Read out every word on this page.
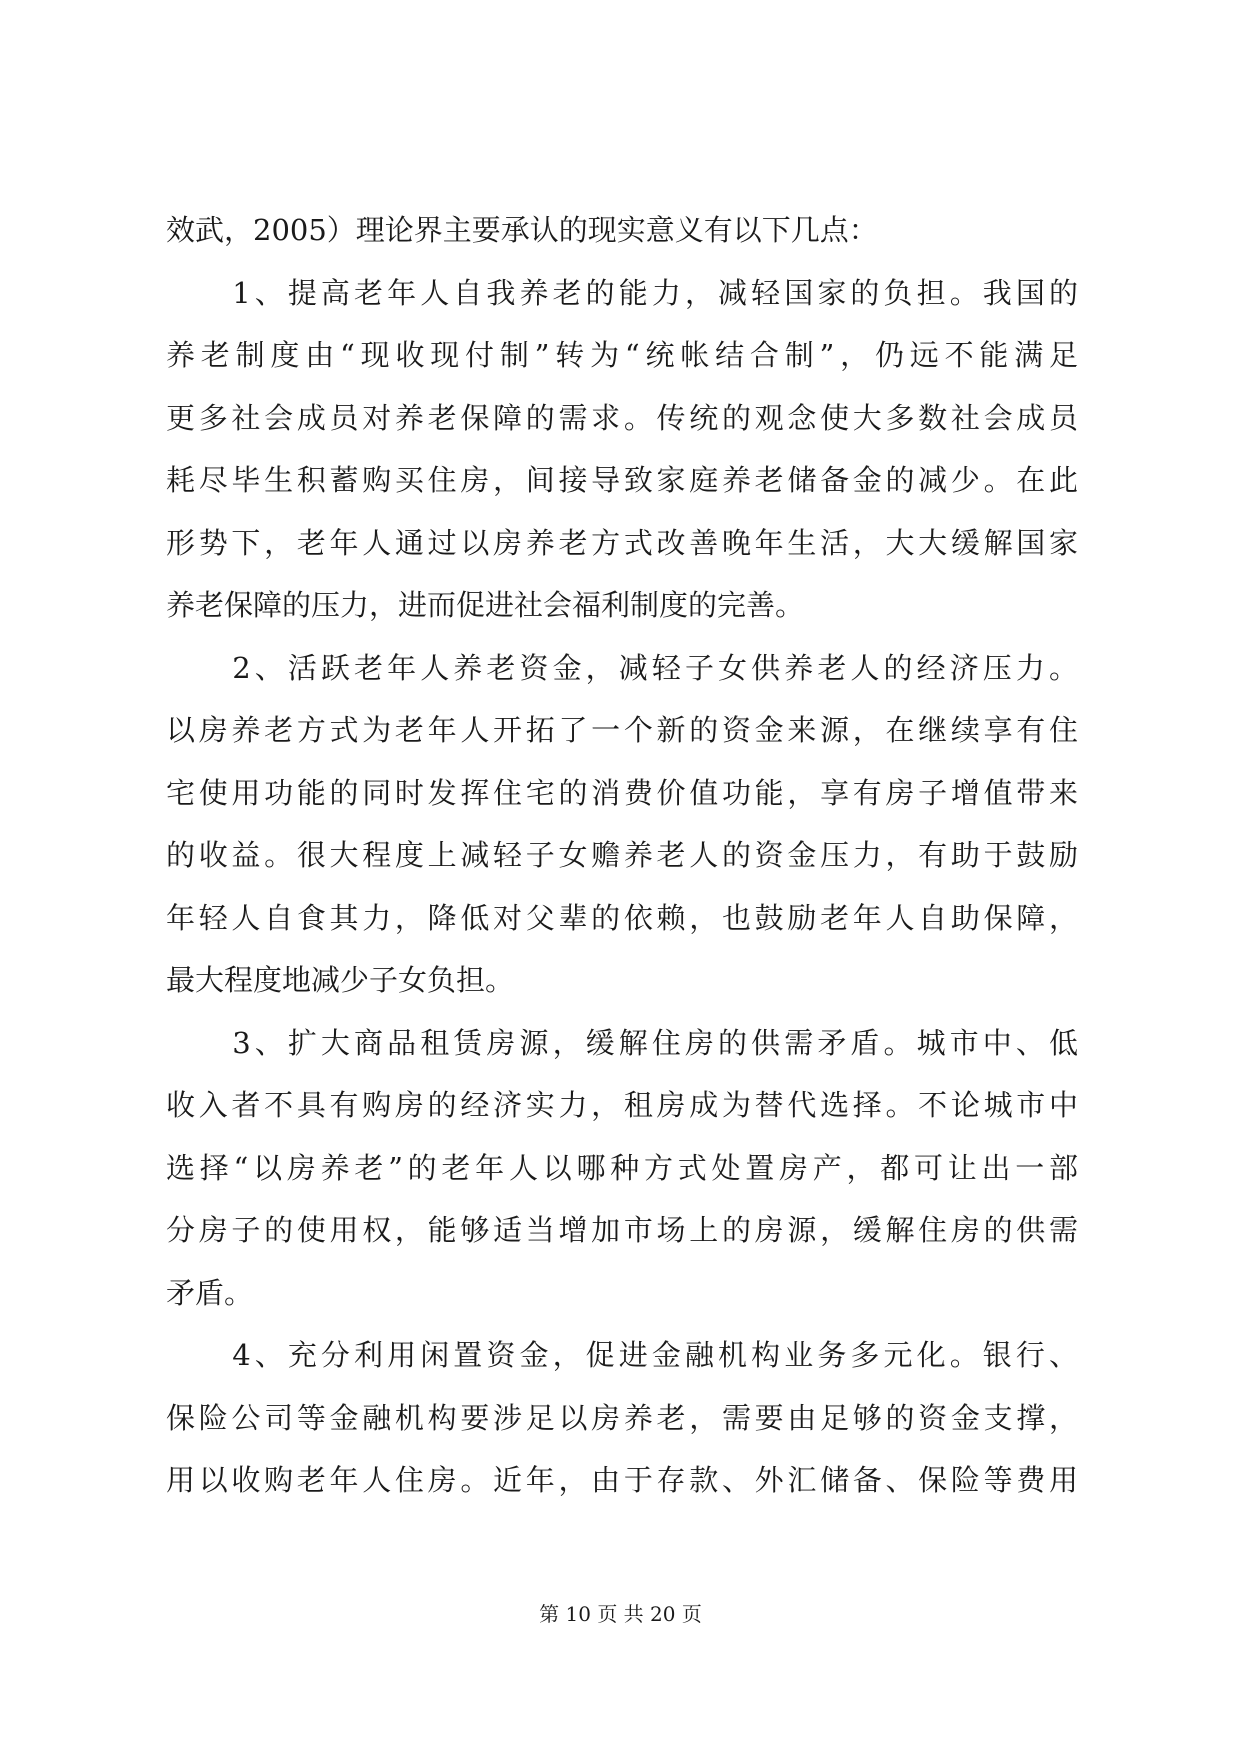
效武，2005）理论界主要承认的现实意义有以下几点：
　　1、提高老年人自我养老的能力，减轻国家的负担。我国的
养老制度由“现收现付制”转为“统帐结合制”，仍远不能满足
更多社会成员对养老保障的需求。传统的观念使大多数社会成员
耗尽毕生积蓄购买住房，间接导致家庭养老储备金的减少。在此
形势下，老年人通过以房养老方式改善晚年生活，大大缓解国家
养老保障的压力，进而促进社会福利制度的完善。
　　2、活跃老年人养老资金，减轻子女供养老人的经济压力。
以房养老方式为老年人开拓了一个新的资金来源，在继续享有住
宅使用功能的同时发挥住宅的消费价值功能，享有房子增值带来
的收益。很大程度上减轻子女赡养老人的资金压力，有助于鼓励
年轻人自食其力，降低对父辈的依赖，也鼓励老年人自助保障，
最大程度地减少子女负担。
　　3、扩大商品租赁房源，缓解住房的供需矛盾。城市中、低
收入者不具有购房的经济实力，租房成为替代选择。不论城市中
选择“以房养老”的老年人以哪种方式处置房产，都可让出一部
分房子的使用权，能够适当增加市场上的房源，缓解住房的供需
矛盾。
　　4、充分利用闲置资金，促进金融机构业务多元化。银行、
保险公司等金融机构要涉足以房养老，需要由足够的资金支撑，
用以收购老年人住房。近年，由于存款、外汇储备、保险等费用
第 10 页 共 20 页
